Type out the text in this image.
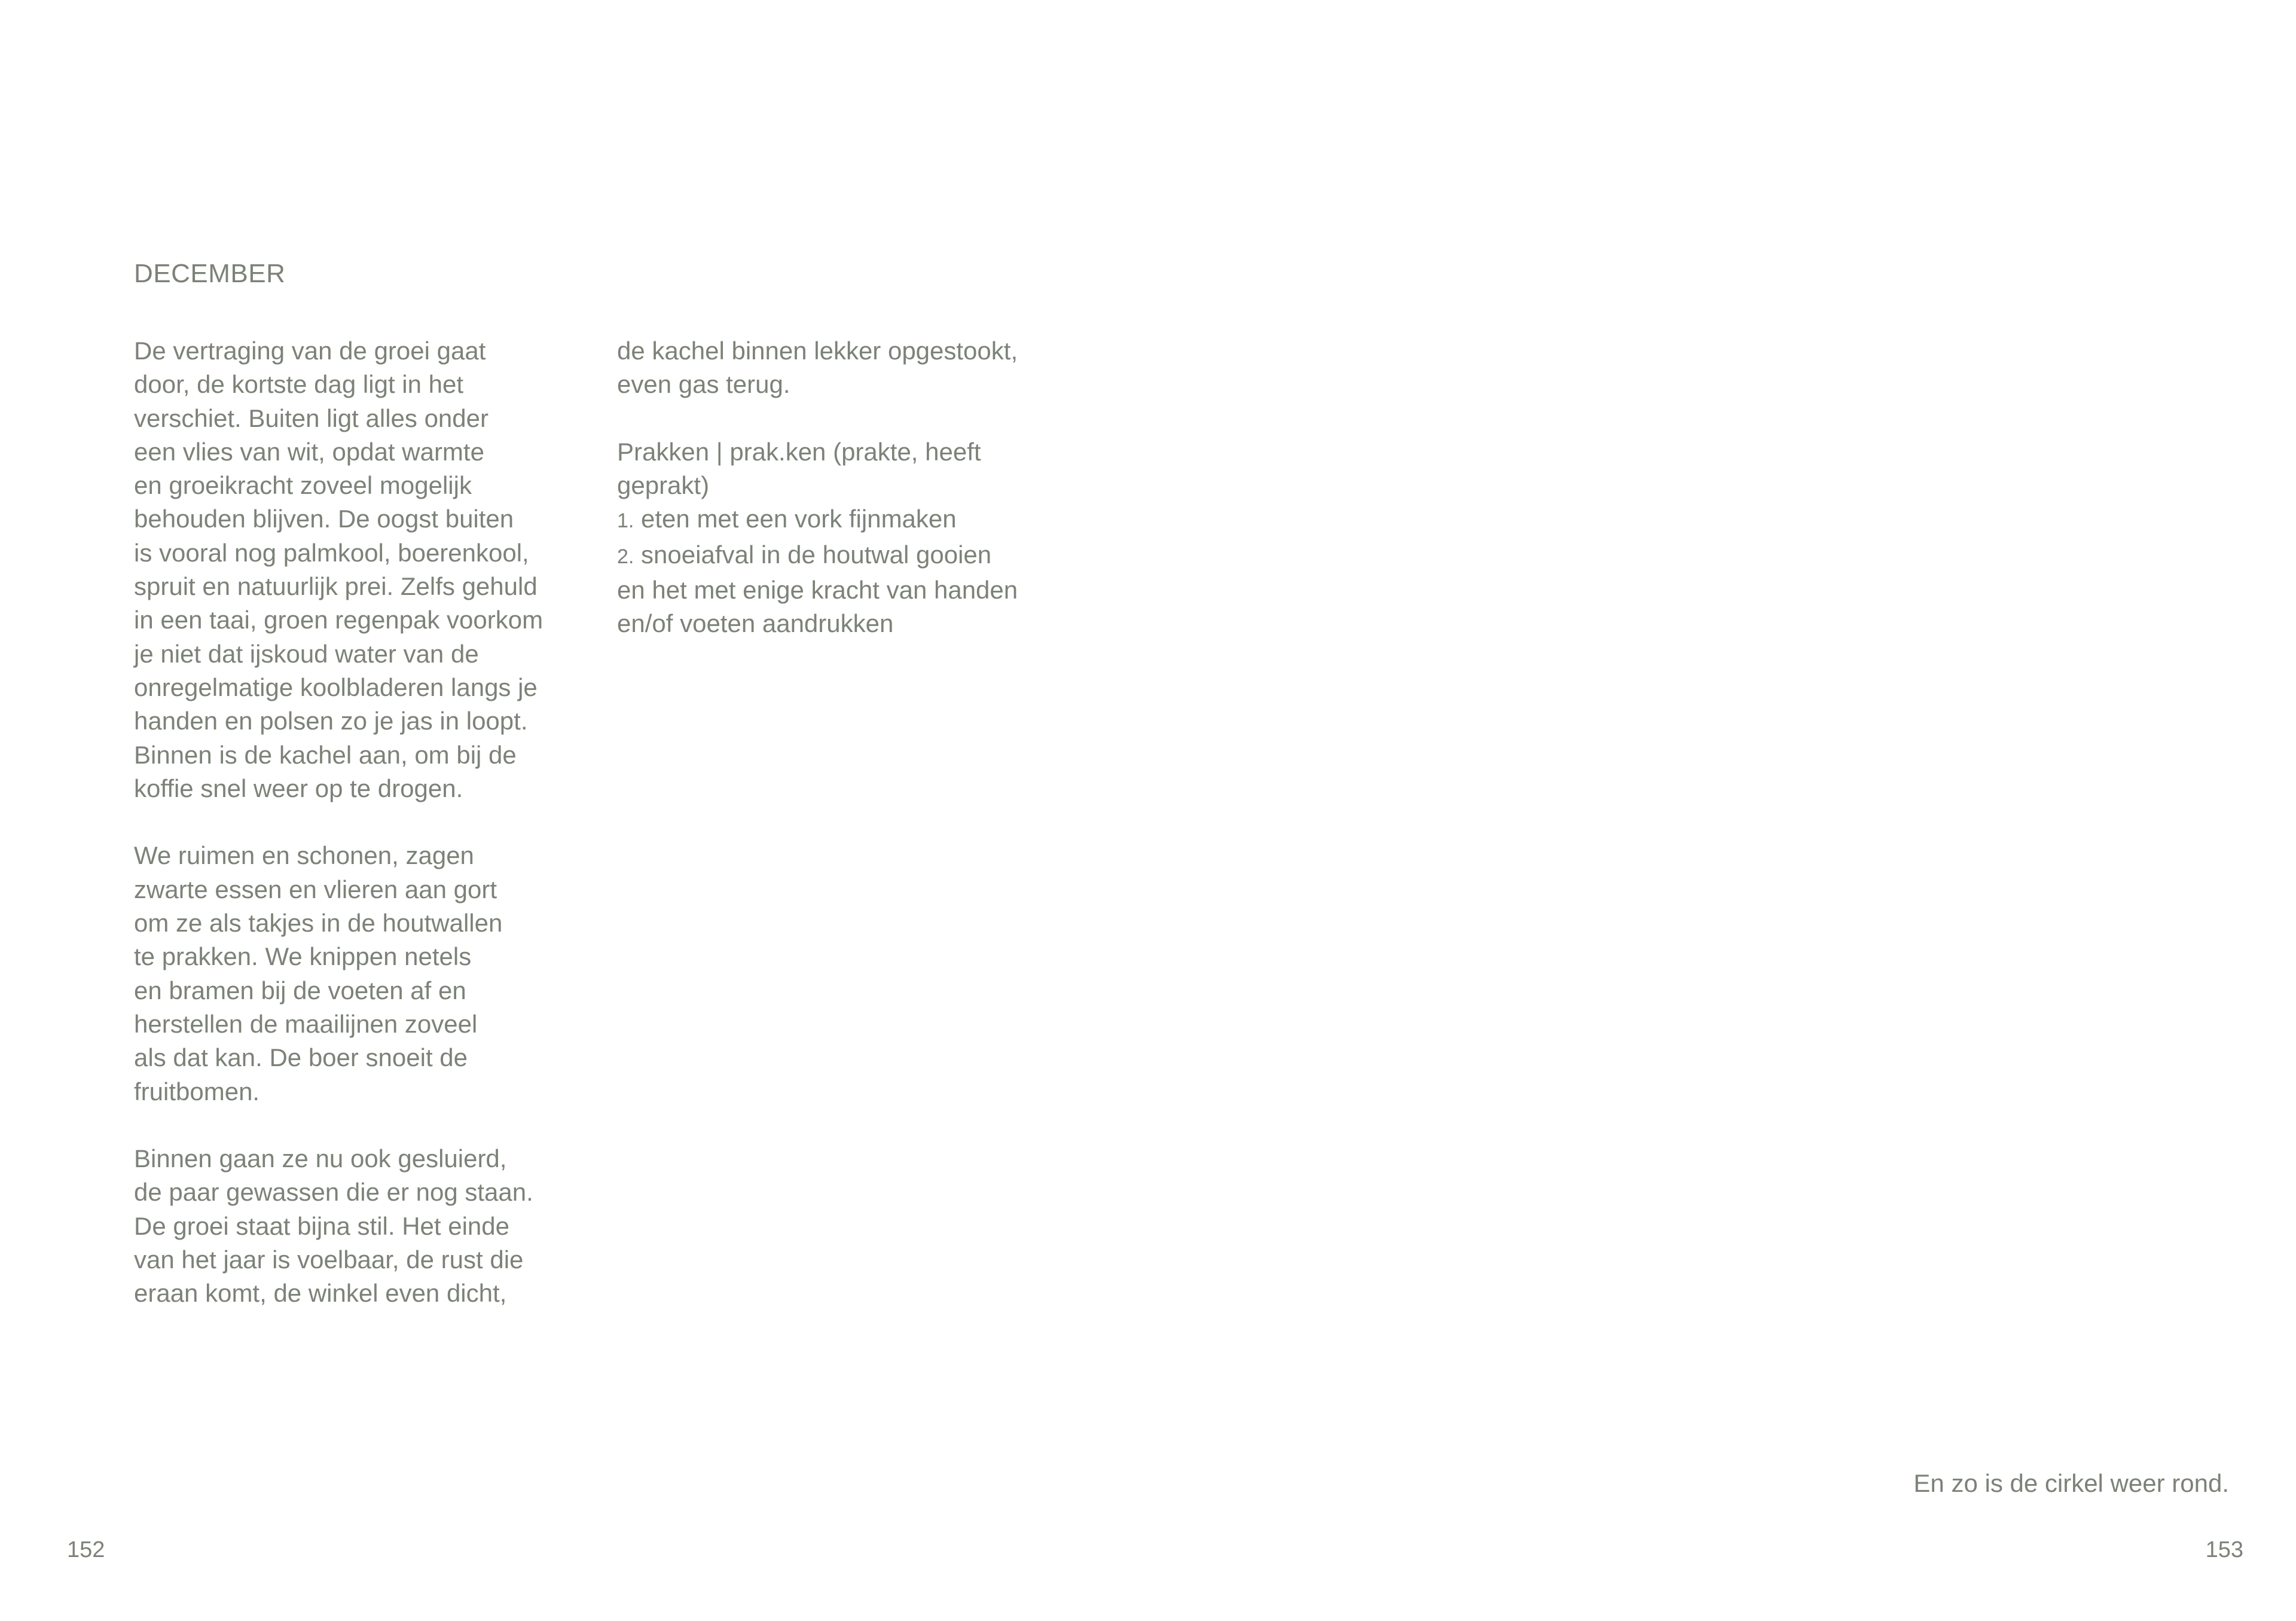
DECEMBER

De vertraging van de groei gaat
door, de kortste dag ligt in het
verschiet. Buiten ligt alles onder
een vlies van wit, opdat warmte
en groeikracht zoveel mogelijk
behouden blijven. De oogst buiten
is vooral nog palmkool, boerenkool,
spruit en natuurlijk prei. Zelfs gehuld
in een taai, groen regenpak voorkom
je niet dat ijskoud water van de
onregelmatige koolbladeren langs je
handen en polsen zo je jas in loopt.
Binnen is de kachel aan, om bij de
koffie snel weer op te drogen.

We ruimen en schonen, zagen
zwarte essen en vlieren aan gort
om ze als takjes in de houtwallen
te prakken. We knippen netels
en bramen bij de voeten af en
herstellen de maailijnen zoveel
als dat kan. De boer snoeit de
fruitbomen.

Binnen gaan ze nu ook gesluierd,
de paar gewassen die er nog staan.
De groei staat bijna stil. Het einde
van het jaar is voelbaar, de rust die
eraan komt, de winkel even dicht,

de kachel binnen lekker opgestookt,
even gas terug.

Prakken | prak.ken (prakte, heeft
geprakt)
1. eten met een vork fijnmaken
2. snoeiafval in de houtwal gooien
en het met enige kracht van handen
en/of voeten aandrukken

En zo is de cirkel weer rond.
152	153
